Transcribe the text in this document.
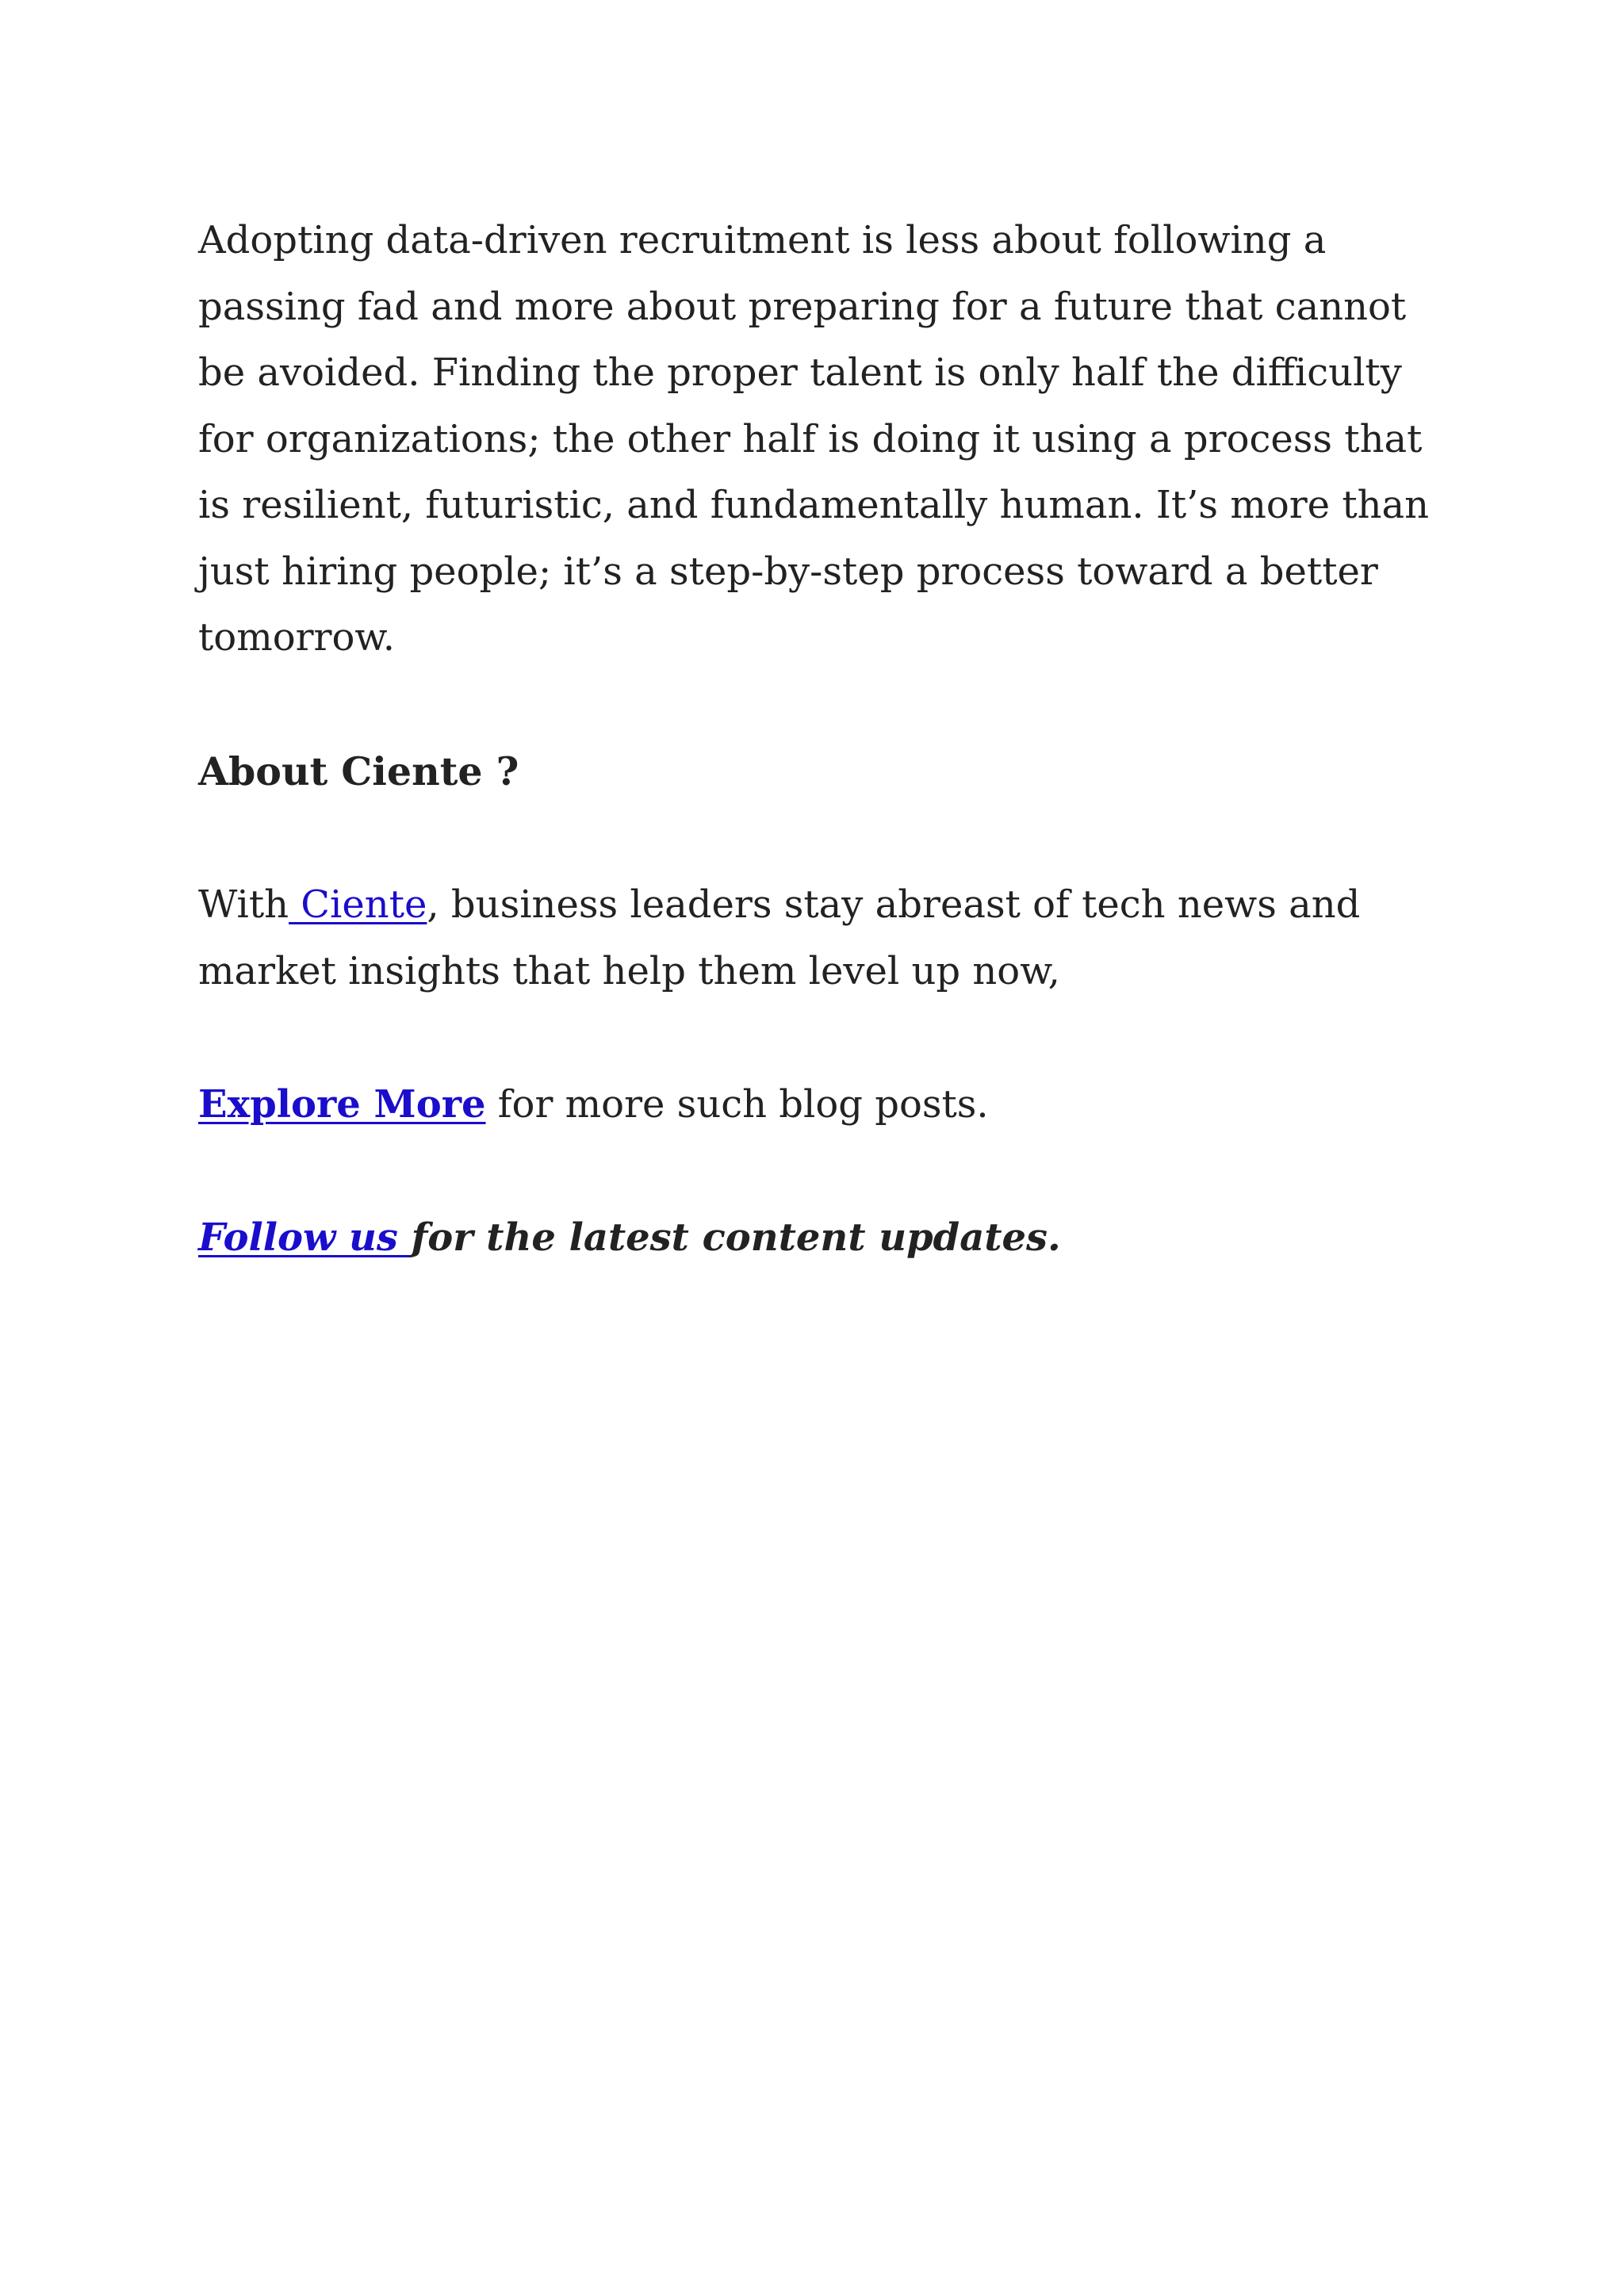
Adopting data-driven recruitment is less about following a passing fad and more about preparing for a future that cannot be avoided. Finding the proper talent is only half the difficulty for organizations; the other half is doing it using a process that is resilient, futuristic, and fundamentally human. It’s more than just hiring people; it’s a step-by-step process toward a better tomorrow.

About Ciente ?

With Ciente, business leaders stay abreast of tech news and market insights that help them level up now,

Explore More for more such blog posts.

Follow us for the latest content updates.
